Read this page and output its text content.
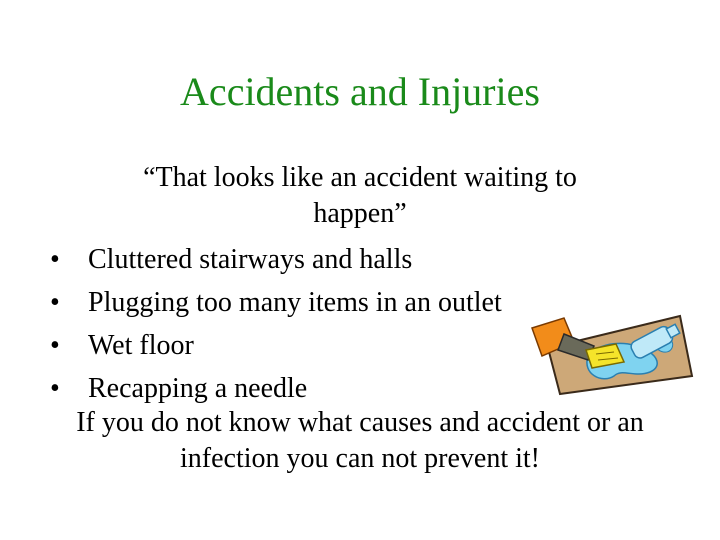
Accidents and Injuries
“That looks like an accident waiting to happen”
• Cluttered stairways and halls
• Plugging too many items in an outlet
• Wet floor
• Recapping a needle
If you do not know what causes and accident or an infection you can not prevent it!
